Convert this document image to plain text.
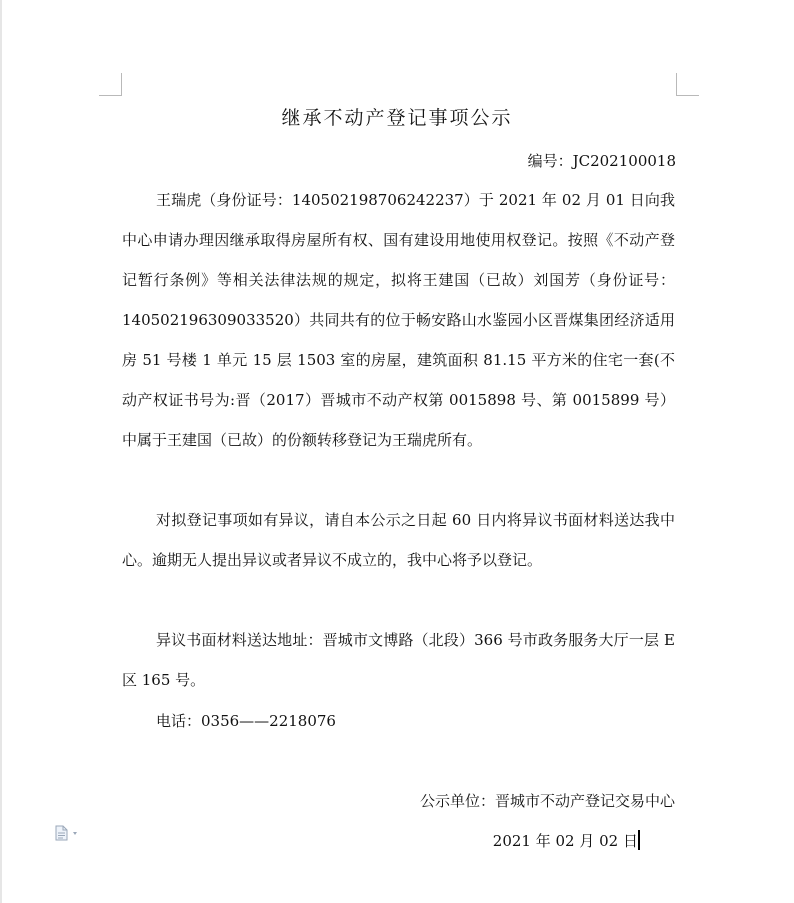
继承不动产登记事项公示
编号：JC202100018

王瑞虎（身份证号：140502198706242237）于 2021 年 02 月 01 日向我中心申请办理因继承取得房屋所有权、国有建设用地使用权登记。按照《不动产登记暂行条例》等相关法律法规的规定，拟将王建国（已故）刘国芳（身份证号：140502196309033520）共同共有的位于畅安路山水鉴园小区晋煤集团经济适用房 51 号楼 1 单元 15 层 1503 室的房屋，建筑面积 81.15 平方米的住宅一套(不动产权证书号为:晋（2017）晋城市不动产权第 0015898 号、第 0015899 号）中属于王建国（已故）的份额转移登记为王瑞虎所有。

对拟登记事项如有异议，请自本公示之日起 60 日内将异议书面材料送达我中心。逾期无人提出异议或者异议不成立的，我中心将予以登记。

异议书面材料送达地址：晋城市文博路（北段）366 号市政务服务大厅一层 E 区 165 号。

电话：0356——2218076
公示单位：晋城市不动产登记交易中心
2021 年 02 月 02 日
